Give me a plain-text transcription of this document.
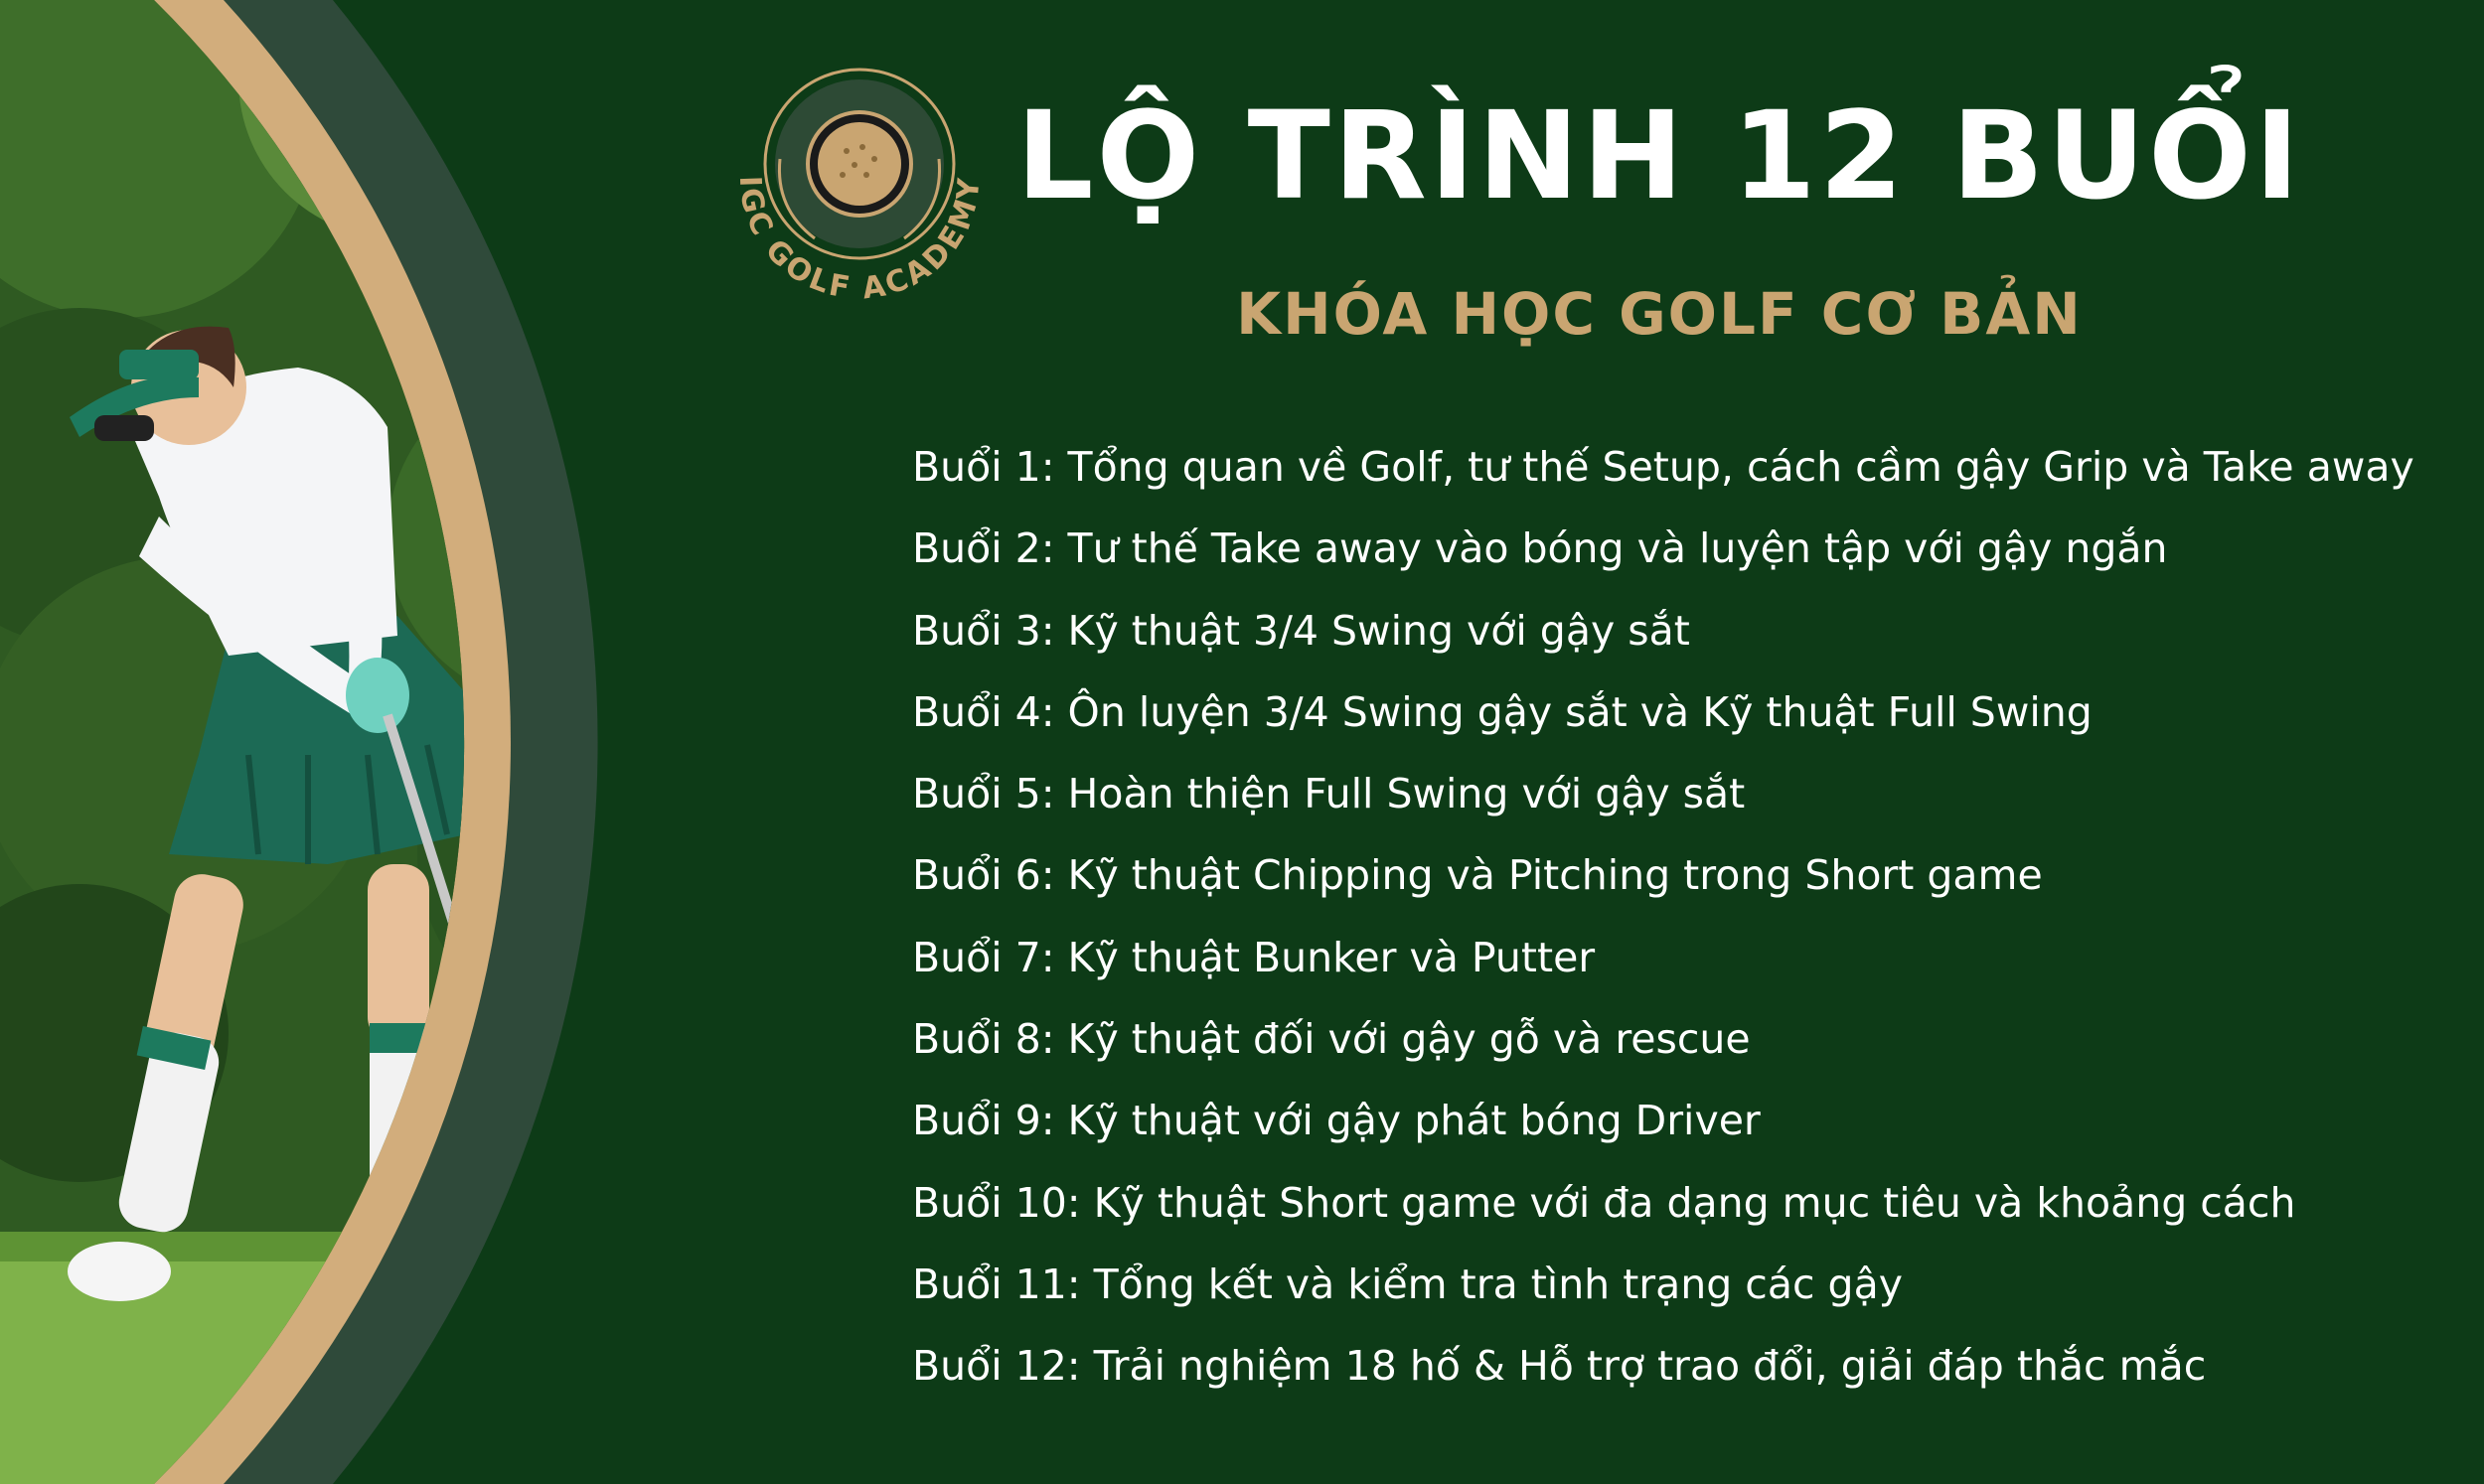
IGC GOLF ACADEMY LỘ TRÌNH 12 BUỔI
KHÓA HỌC GOLF CƠ BẢN
Buổi 1: Tổng quan về Golf, tư thế Setup, cách cầm gậy Grip và Take away
Buổi 2: Tư thế Take away vào bóng và luyện tập với gậy ngắn
Buổi 3: Kỹ thuật 3/4 Swing với gậy sắt
Buổi 4: Ôn luyện 3/4 Swing gậy sắt và Kỹ thuật Full Swing
Buổi 5: Hoàn thiện Full Swing với gậy sắt
Buổi 6: Kỹ thuật Chipping và Pitching trong Short game
Buổi 7: Kỹ thuật Bunker và Putter
Buổi 8: Kỹ thuật đối với gậy gỗ và rescue
Buổi 9: Kỹ thuật với gậy phát bóng Driver
Buổi 10: Kỹ thuật Short game với đa dạng mục tiêu và khoảng cách
Buổi 11: Tổng kết và kiểm tra tình trạng các gậy
Buổi 12: Trải nghiệm 18 hố & Hỗ trợ trao đổi, giải đáp thắc mắc
